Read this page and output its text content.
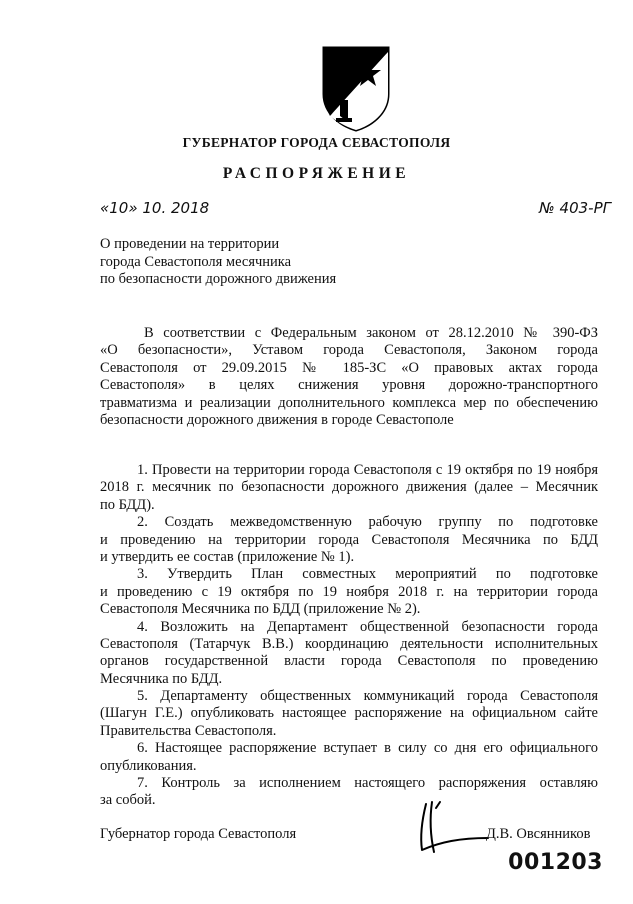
ГУБЕРНАТОР ГОРОДА СЕВАСТОПОЛЯ
РАСПОРЯЖЕНИЕ
«10» 10. 2018	№ 403-РГ
О проведении на территории
города Севастополя месячника
по безопасности дорожного движения
В соответствии с Федеральным законом от 28.12.2010 № 390-ФЗ
«О безопасности», Уставом города Севастополя, Законом города
Севастополя от 29.09.2015 № 185-ЗС «О правовых актах города
Севастополя» в целях снижения уровня дорожно-транспортного
травматизма и реализации дополнительного комплекса мер по обеспечению
безопасности дорожного движения в городе Севастополе
1. Провести на территории города Севастополя с 19 октября по 19 ноября
2018 г. месячник по безопасности дорожного движения (далее – Месячник
по БДД).
2. Создать межведомственную рабочую группу по подготовке
и проведению на территории города Севастополя Месячника по БДД
и утвердить ее состав (приложение № 1).
3. Утвердить План совместных мероприятий по подготовке
и проведению с 19 октября по 19 ноября 2018 г. на территории города
Севастополя Месячника по БДД (приложение № 2).
4. Возложить на Департамент общественной безопасности города
Севастополя (Татарчук В.В.) координацию деятельности исполнительных
органов государственной власти города Севастополя по проведению
Месячника по БДД.
5. Департаменту общественных коммуникаций города Севастополя
(Шагун Г.Е.) опубликовать настоящее распоряжение на официальном сайте
Правительства Севастополя.
6. Настоящее распоряжение вступает в силу со дня его официального
опубликования.
7. Контроль за исполнением настоящего распоряжения оставляю
за собой.
Губернатор города Севастополя	Д.В. Овсянников
001203
